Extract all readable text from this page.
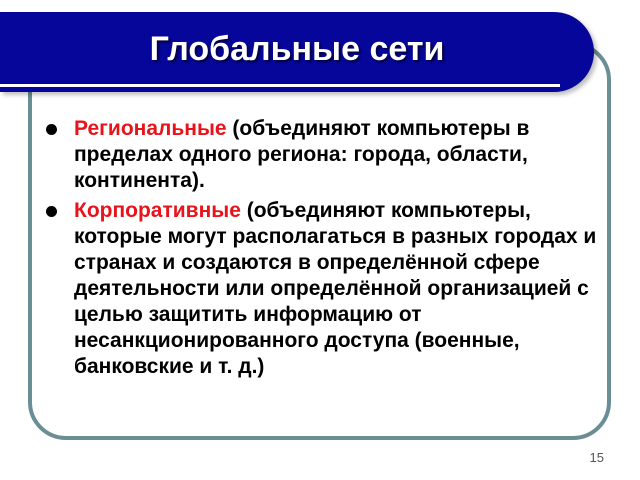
Глобальные сети
Региональные (объединяют компьютеры в пределах одного региона: города, области, континента).
Корпоративные (объединяют компьютеры, которые могут располагаться в разных городах и странах и создаются в определённой сфере деятельности или определённой организацией с целью защитить информацию от несанкционированного доступа (военные, банковские и т. д.)
15
